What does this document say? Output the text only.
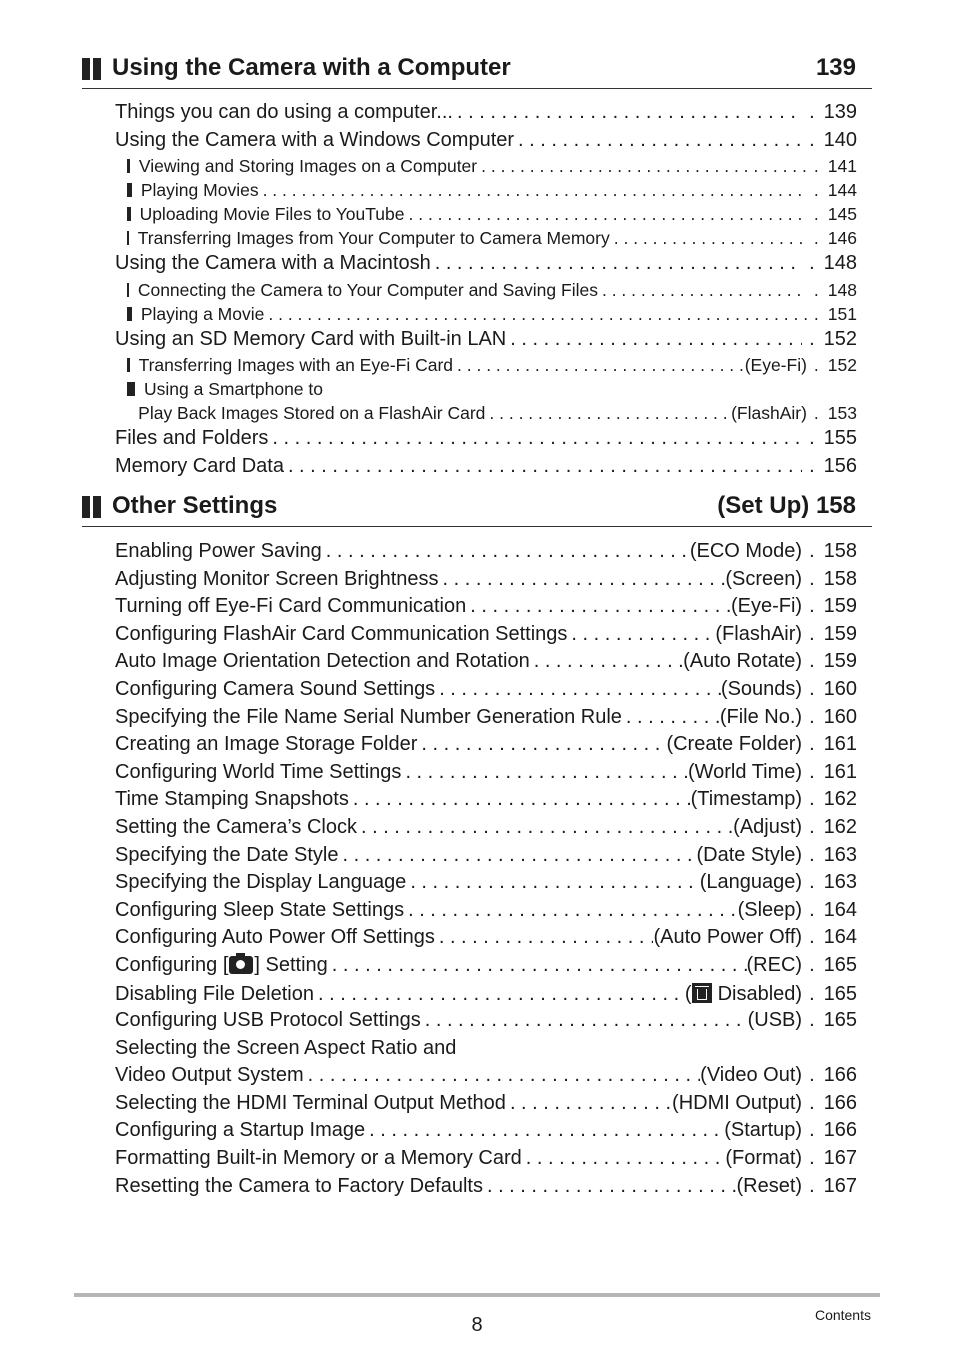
Using the Camera with a Computer	139
Things you can do using a computer... . . .	. 139
Using the Camera with a Windows Computer . . .	. 140
Viewing and Storing Images on a Computer . . .	. 141
Playing Movies . . .	. 144
Uploading Movie Files to YouTube . . .	. 145
Transferring Images from Your Computer to Camera Memory . . .	. 146
Using the Camera with a Macintosh . . .	. 148
Connecting the Camera to Your Computer and Saving Files . . .	. 148
Playing a Movie . . .	. 151
Using an SD Memory Card with Built-in LAN . . .	. 152
Transferring Images with an Eye-Fi Card . . .	(Eye-Fi) . 152
Using a Smartphone to
Play Back Images Stored on a FlashAir Card . . .	(FlashAir) . 153
Files and Folders . . .	. 155
Memory Card Data . . .	. 156
Other Settings	(Set Up) 158
Enabling Power Saving . . .	(ECO Mode) . 158
Adjusting Monitor Screen Brightness . . .	(Screen) . 158
Turning off Eye-Fi Card Communication . . .	(Eye-Fi) . 159
Configuring FlashAir Card Communication Settings . . .	(FlashAir) . 159
Auto Image Orientation Detection and Rotation . . .	(Auto Rotate) . 159
Configuring Camera Sound Settings . . .	(Sounds) . 160
Specifying the File Name Serial Number Generation Rule . . .	(File No.) . 160
Creating an Image Storage Folder . . .	(Create Folder) . 161
Configuring World Time Settings . . .	(World Time) . 161
Time Stamping Snapshots . . .	(Timestamp) . 162
Setting the Camera’s Clock . . .	(Adjust) . 162
Specifying the Date Style . . .	(Date Style) . 163
Specifying the Display Language . . .	(Language) . 163
Configuring Sleep State Settings . . .	(Sleep) . 164
Configuring Auto Power Off Settings . . .	(Auto Power Off) . 164
Configuring [ ] Setting . . .	(REC) . 165
Disabling File Deletion . . .	( Disabled) . 165
Configuring USB Protocol Settings . . .	(USB) . 165
Selecting the Screen Aspect Ratio and
Video Output System . . .	(Video Out) . 166
Selecting the HDMI Terminal Output Method . . .	(HDMI Output) . 166
Configuring a Startup Image . . .	(Startup) . 166
Formatting Built-in Memory or a Memory Card . . .	(Format) . 167
Resetting the Camera to Factory Defaults . . .	(Reset) . 167
8	Contents
